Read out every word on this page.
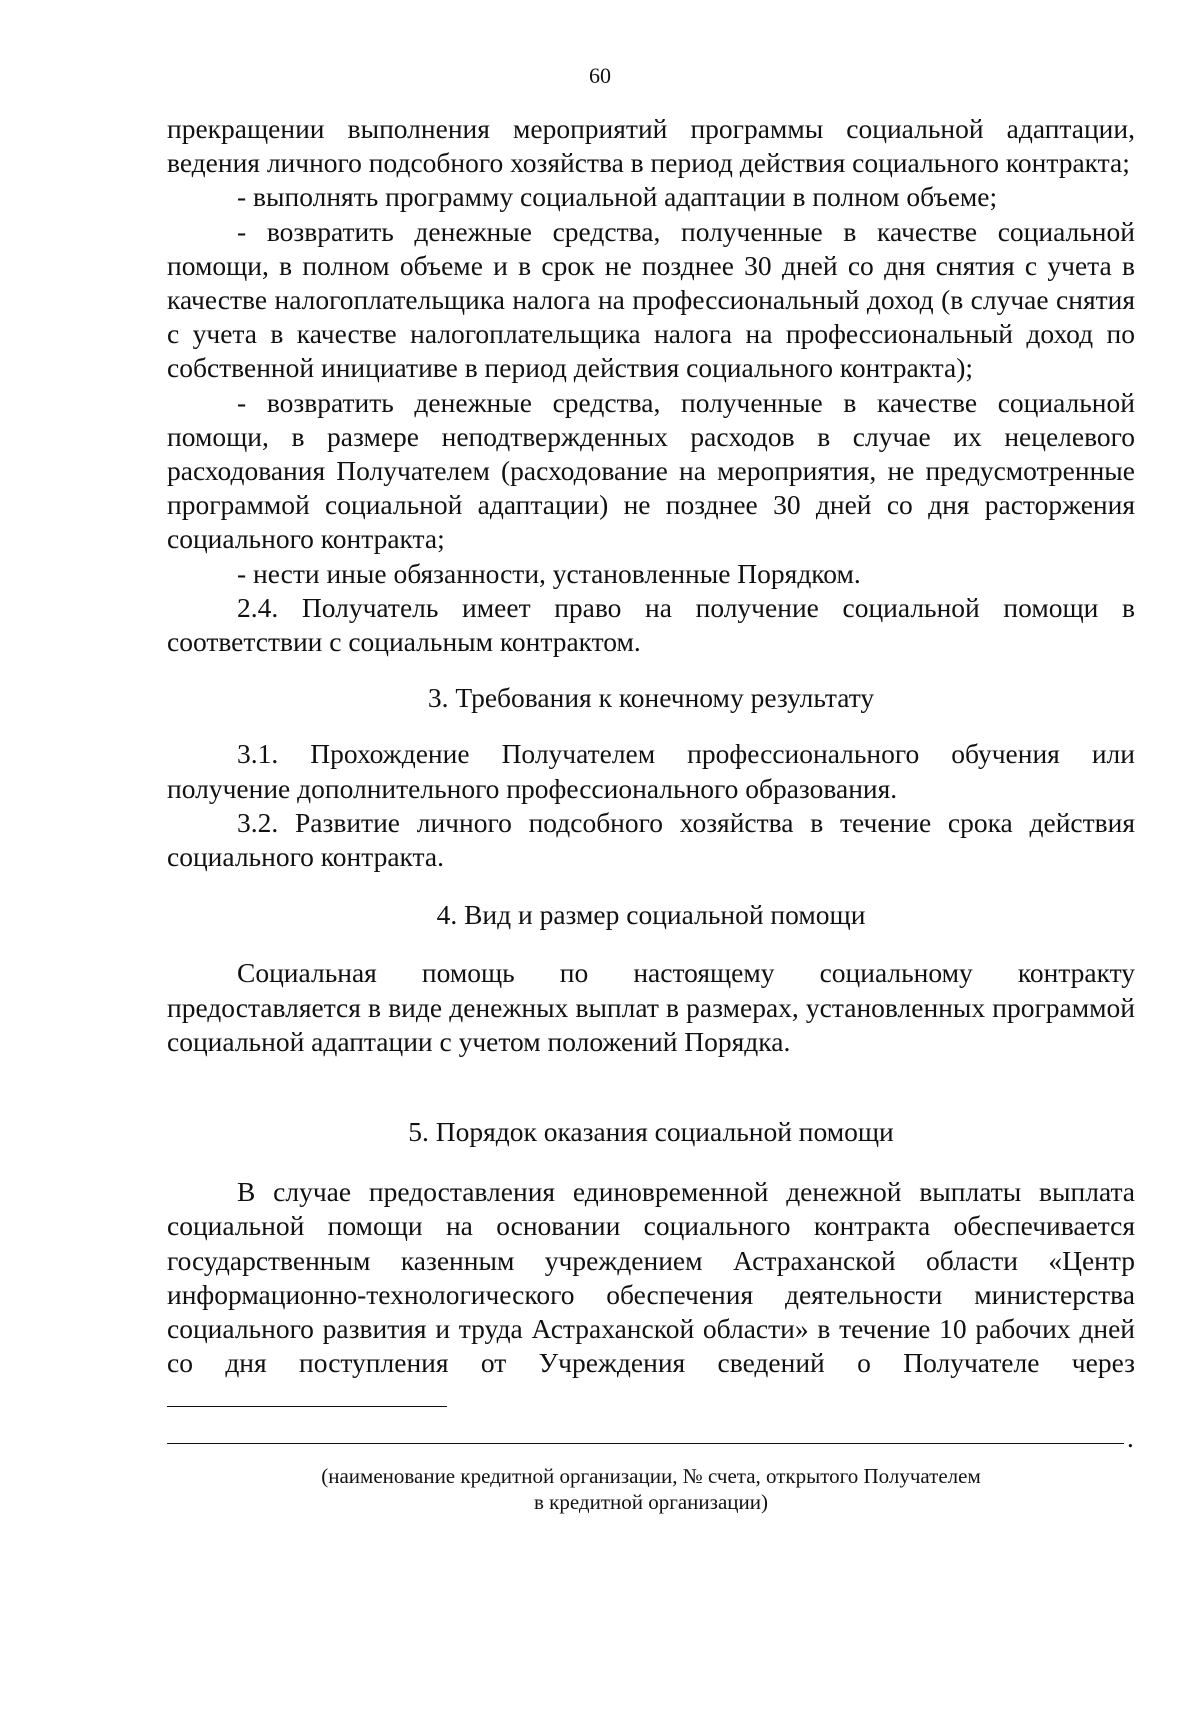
60

прекращении выполнения мероприятий программы социальной адаптации, ведения личного подсобного хозяйства в период действия социального контракта;

- выполнять программу социальной адаптации в полном объеме;

- возвратить денежные средства, полученные в качестве социальной помощи, в полном объеме и в срок не позднее 30 дней со дня снятия с учета в качестве налогоплательщика налога на профессиональный доход (в случае снятия с учета в качестве налогоплательщика налога на профессиональный доход по собственной инициативе в период действия социального контракта);

- возвратить денежные средства, полученные в качестве социальной помощи, в размере неподтвержденных расходов в случае их нецелевого расходования Получателем (расходование на мероприятия, не предусмотренные программой социальной адаптации) не позднее 30 дней со дня расторжения социального контракта;

- нести иные обязанности, установленные Порядком.

2.4. Получатель имеет право на получение социальной помощи в соответствии с социальным контрактом.

3. Требования к конечному результату

3.1. Прохождение Получателем профессионального обучения или получение дополнительного профессионального образования.

3.2. Развитие личного подсобного хозяйства в течение срока действия социального контракта.

4. Вид и размер социальной помощи

Социальная помощь по настоящему социальному контракту предоставляется в виде денежных выплат в размерах, установленных программой социальной адаптации с учетом положений Порядка.

5. Порядок оказания социальной помощи

В случае предоставления единовременной денежной выплаты выплата социальной помощи на основании социального контракта обеспечивается государственным казенным учреждением Астраханской области «Центр информационно-технологического обеспечения деятельности министерства социального развития и труда Астраханской области» в течение 10 рабочих дней со дня поступления от Учреждения сведений о Получателе через

.
(наименование кредитной организации, № счета, открытого Получателем
в кредитной организации)
